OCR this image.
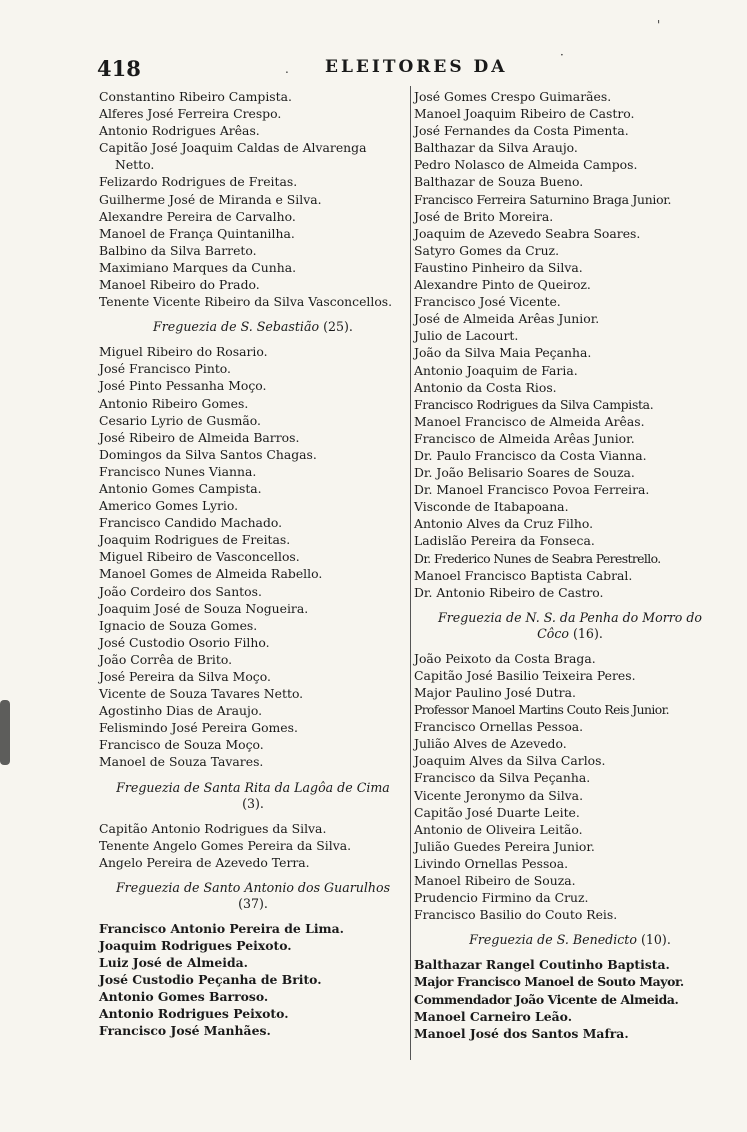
418	ELEITORES DA
.
·
'
Constantino Ribeiro Campista.
Alferes José Ferreira Crespo.
Antonio Rodrigues Arêas.
Capitão José Joaquim Caldas de Alvarenga Netto.
Felizardo Rodrigues de Freitas.
Guilherme José de Miranda e Silva.
Alexandre Pereira de Carvalho.
Manoel de França Quintanilha.
Balbino da Silva Barreto.
Maximiano Marques da Cunha.
Manoel Ribeiro do Prado.
Tenente Vicente Ribeiro da Silva Vasconcellos.
Freguezia de S. Sebastião (25).
Miguel Ribeiro do Rosario.
José Francisco Pinto.
José Pinto Pessanha Moço.
Antonio Ribeiro Gomes.
Cesario Lyrio de Gusmão.
José Ribeiro de Almeida Barros.
Domingos da Silva Santos Chagas.
Francisco Nunes Vianna.
Antonio Gomes Campista.
Americo Gomes Lyrio.
Francisco Candido Machado.
Joaquim Rodrigues de Freitas.
Miguel Ribeiro de Vasconcellos.
Manoel Gomes de Almeida Rabello.
João Cordeiro dos Santos.
Joaquim José de Souza Nogueira.
Ignacio de Souza Gomes.
José Custodio Osorio Filho.
João Corrêa de Brito.
José Pereira da Silva Moço.
Vicente de Souza Tavares Netto.
Agostinho Dias de Araujo.
Felismindo José Pereira Gomes.
Francisco de Souza Moço.
Manoel de Souza Tavares.
Freguezia de Santa Rita da Lagôa de Cima (3).
Capitão Antonio Rodrigues da Silva.
Tenente Angelo Gomes Pereira da Silva.
Angelo Pereira de Azevedo Terra.
Freguezia de Santo Antonio dos Guarulhos (37).
Francisco Antonio Pereira de Lima.
Joaquim Rodrigues Peixoto.
Luiz José de Almeida.
José Custodio Peçanha de Brito.
Antonio Gomes Barroso.
Antonio Rodrigues Peixoto.
Francisco José Manhães.
José Gomes Crespo Guimarães.
Manoel Joaquim Ribeiro de Castro.
José Fernandes da Costa Pimenta.
Balthazar da Silva Araujo.
Pedro Nolasco de Almeida Campos.
Balthazar de Souza Bueno.
Francisco Ferreira Saturnino Braga Junior.
José de Brito Moreira.
Joaquim de Azevedo Seabra Soares.
Satyro Gomes da Cruz.
Faustino Pinheiro da Silva.
Alexandre Pinto de Queiroz.
Francisco José Vicente.
José de Almeida Arêas Junior.
Julio de Lacourt.
João da Silva Maia Peçanha.
Antonio Joaquim de Faria.
Antonio da Costa Rios.
Francisco Rodrigues da Silva Campista.
Manoel Francisco de Almeida Arêas.
Francisco de Almeida Arêas Junior.
Dr. Paulo Francisco da Costa Vianna.
Dr. João Belisario Soares de Souza.
Dr. Manoel Francisco Povoa Ferreira.
Visconde de Itabapoana.
Antonio Alves da Cruz Filho.
Ladislão Pereira da Fonseca.
Dr. Frederico Nunes de Seabra Perestrello.
Manoel Francisco Baptista Cabral.
Dr. Antonio Ribeiro de Castro.
Freguezia de N. S. da Penha do Morro do Côco (16).
João Peixoto da Costa Braga.
Capitão José Basilio Teixeira Peres.
Major Paulino José Dutra.
Professor Manoel Martins Couto Reis Junior.
Francisco Ornellas Pessoa.
Julião Alves de Azevedo.
Joaquim Alves da Silva Carlos.
Francisco da Silva Peçanha.
Vicente Jeronymo da Silva.
Capitão José Duarte Leite.
Antonio de Oliveira Leitão.
Julião Guedes Pereira Junior.
Livindo Ornellas Pessoa.
Manoel Ribeiro de Souza.
Prudencio Firmino da Cruz.
Francisco Basilio do Couto Reis.
Freguezia de S. Benedicto (10).
Balthazar Rangel Coutinho Baptista.
Major Francisco Manoel de Souto Mayor.
Commendador João Vicente de Almeida.
Manoel Carneiro Leão.
Manoel José dos Santos Mafra.
